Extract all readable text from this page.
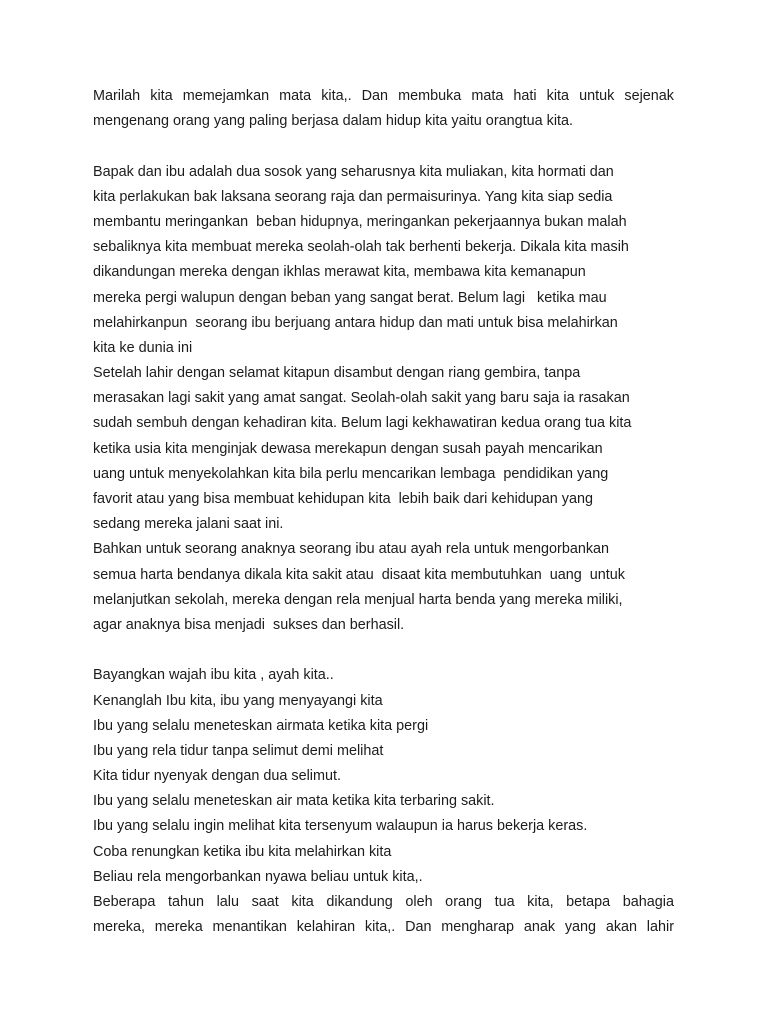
Marilah kita memejamkan mata kita,. Dan membuka mata hati kita untuk sejenak
mengenang orang yang paling berjasa dalam hidup kita yaitu orangtua kita.
Bapak dan ibu adalah dua sosok yang seharusnya kita muliakan, kita hormati dan
kita perlakukan bak laksana seorang raja dan permaisurinya. Yang kita siap sedia
membantu meringankan  beban hidupnya, meringankan pekerjaannya bukan malah
sebaliknya kita membuat mereka seolah-olah tak berhenti bekerja. Dikala kita masih
dikandungan mereka dengan ikhlas merawat kita, membawa kita kemanapun
mereka pergi walupun dengan beban yang sangat berat. Belum lagi   ketika mau
melahirkanpun  seorang ibu berjuang antara hidup dan mati untuk bisa melahirkan
kita ke dunia ini
Setelah lahir dengan selamat kitapun disambut dengan riang gembira, tanpa
merasakan lagi sakit yang amat sangat. Seolah-olah sakit yang baru saja ia rasakan
sudah sembuh dengan kehadiran kita. Belum lagi kekhawatiran kedua orang tua kita
ketika usia kita menginjak dewasa merekapun dengan susah payah mencarikan
uang untuk menyekolahkan kita bila perlu mencarikan lembaga  pendidikan yang
favorit atau yang bisa membuat kehidupan kita  lebih baik dari kehidupan yang
sedang mereka jalani saat ini.
Bahkan untuk seorang anaknya seorang ibu atau ayah rela untuk mengorbankan
semua harta bendanya dikala kita sakit atau  disaat kita membutuhkan  uang  untuk
melanjutkan sekolah, mereka dengan rela menjual harta benda yang mereka miliki,
agar anaknya bisa menjadi  sukses dan berhasil.
Bayangkan wajah ibu kita , ayah kita..
Kenanglah Ibu kita, ibu yang menyayangi kita
Ibu yang selalu meneteskan airmata ketika kita pergi
Ibu yang rela tidur tanpa selimut demi melihat
Kita tidur nyenyak dengan dua selimut.
Ibu yang selalu meneteskan air mata ketika kita terbaring sakit.
Ibu yang selalu ingin melihat kita tersenyum walaupun ia harus bekerja keras.
Coba renungkan ketika ibu kita melahirkan kita
Beliau rela mengorbankan nyawa beliau untuk kita,.
Beberapa tahun lalu saat kita dikandung oleh orang tua kita, betapa bahagia
mereka, mereka menantikan kelahiran kita,. Dan mengharap anak yang akan lahir
